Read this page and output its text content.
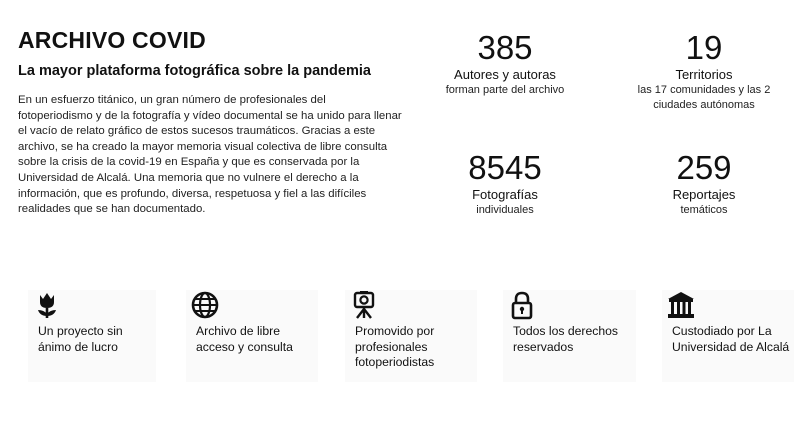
ARCHIVO COVID
La mayor plataforma fotográfica sobre la pandemia

En un esfuerzo titánico, un gran número de profesionales del fotoperiodismo y de la fotografía y vídeo documental se ha unido para llenar el vacío de relato gráfico de estos sucesos traumáticos. Gracias a este archivo, se ha creado la mayor memoria visual colectiva de libre consulta sobre la crisis de la covid-19 en España y que es conservada por la Universidad de Alcalá. Una memoria que no vulnere el derecho a la información, que es profundo, diversa, respetuosa y fiel a las difíciles realidades que se han documentado.

385
Autores y autoras
forman parte del archivo
19
Territorios
las 17 comunidades y las 2 ciudades autónomas
8545
Fotografías
individuales
259
Reportajes
temáticos
Un proyecto sin ánimo de lucro
Archivo de libre acceso y consulta
Promovido por profesionales fotoperiodistas
Todos los derechos reservados
Custodiado por La Universidad de Alcalá
